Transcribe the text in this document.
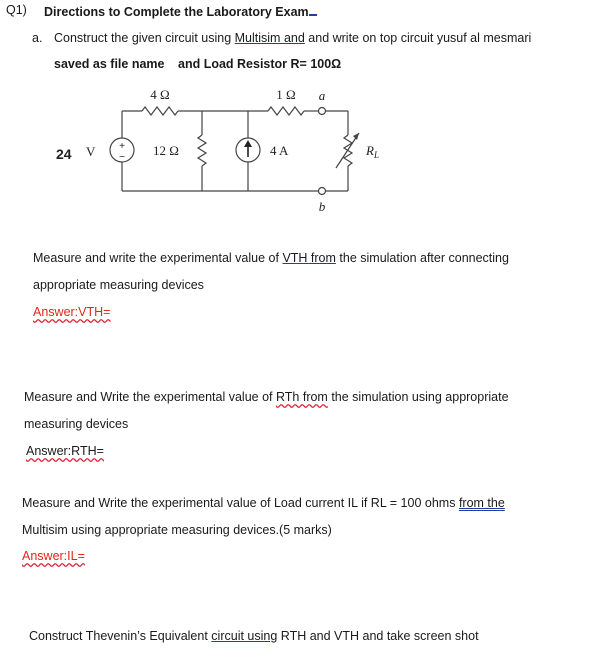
Q1) Directions to Complete the Laboratory Exam
a. Construct the given circuit using Multisim and and write on top circuit yusuf al mesmari
saved as file name and Load Resistor R= 100Ω
+
−
4 Ω	1 Ω a
b
12 Ω	4 A	$R_L$
24 V
Measure and write the experimental value of VTH from the simulation after connecting
appropriate measuring devices
Answer:VTH=
Measure and Write the experimental value of RTh from the simulation using appropriate
measuring devices
Answer:RTH=
Measure and Write the experimental value of Load current IL if RL = 100 ohms from the
Multisim using appropriate measuring devices.(5 marks)
Answer:IL=
Construct Thevenin’s Equivalent circuit using RTH and VTH and take screen shot
